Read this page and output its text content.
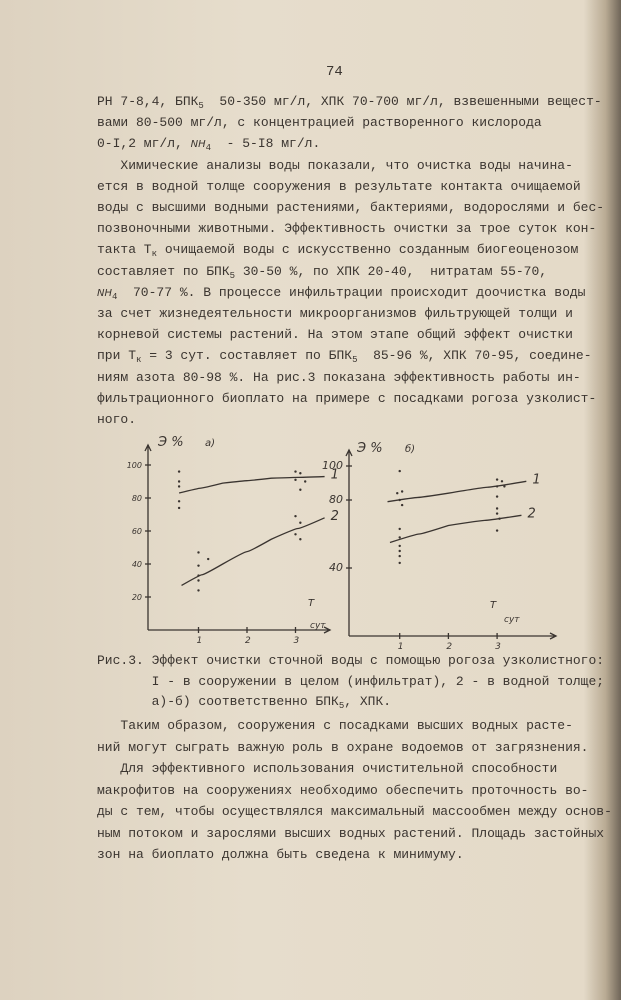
74
РН 7-8,4, $БПК_5$  50-350 мг/л, ХПК 70-700 мг/л, взвешенными вещест-
вами 80-500 мг/л, с концентрацией растворенного кислорода
0-I,2 мг/л, $NH_4 - 5-I8$ мг/л.
Химические анализы воды показали, что очистка воды начина-
ется в водной толще сооружения в результате контакта очищаемой
воды с высшими водными растениями, бактериями, водорослями и бес-
позвоночными животными. Эффективность очистки за трое суток кон-
такта $Т_к$ очищаемой воды с искусственно созданным биогеоценозом
составляет по $БПК_5$ 30-50 %, по ХПК 20-40,  нитратам 55-70,
$NH_4$  70-77 %. В процессе инфильтрации происходит доочистка воды
за счет жизнедеятельности микроорганизмов фильтрующей толщи и
корневой системы растений. На этом этапе общий эффект очистки
при $Т_к = 3$ сут. составляет по $БПК_5$  85-96 %, ХПК 70-95, соедине-
ниям азота 80-98 %. На рис.3 показана эффективность работы ин-
фильтрационного биоплато на примере с посадками рогоза узколист-
ного.
Рис.3. Эффект очистки сточной воды с помощью рогоза узколистного:
I - в сооружении в целом (инфильтрат), 2 - в водной толще;
а)-б) соответственно $БПК_5$, ХПК.
Таким образом, сооружения с посадками высших водных расте-
ний могут сыграть важную роль в охране водоемов от загрязнения.
Для эффективного использования очистительной способности
макрофитов на сооружениях необходимо обеспечить проточность во-
ды с тем, чтобы осуществлялся максимальный массообмен между основ-
ным потоком и зарослями высших водных растений. Площадь застойных
зон на биоплато должна быть сведена к минимуму.
1	2	3
20
40
60
80
100
а)
Э %
Т
сут
1
2
1	2	3
40
80
100
б)
Э %
Т
сут
1
2
